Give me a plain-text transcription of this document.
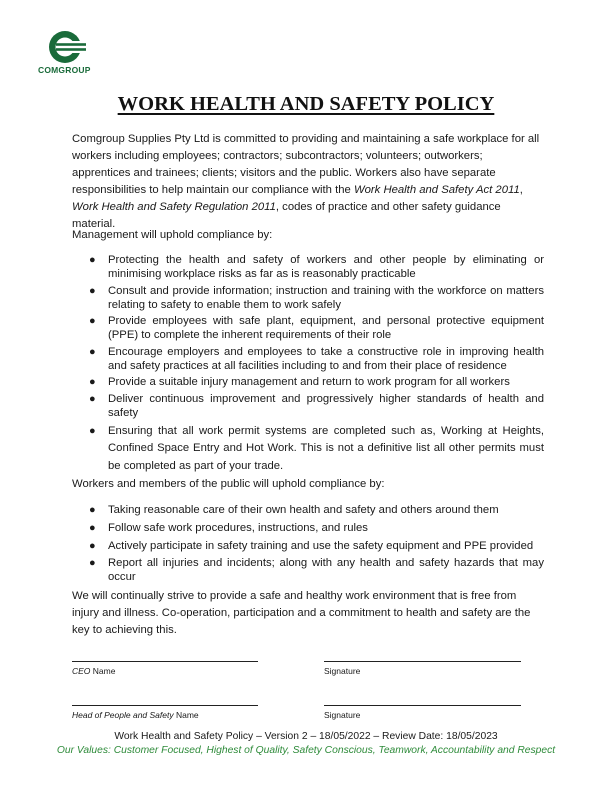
COMGROUP
WORK HEALTH AND SAFETY POLICY
Comgroup Supplies Pty Ltd is committed to providing and maintaining a safe workplace for all workers including employees; contractors; subcontractors; volunteers; outworkers; apprentices and trainees; clients; visitors and the public. Workers also have separate responsibilities to help maintain our compliance with the Work Health and Safety Act 2011, Work Health and Safety Regulation 2011, codes of practice and other safety guidance material.
Management will uphold compliance by:
● Protecting the health and safety of workers and other people by eliminating or minimising workplace risks as far as is reasonably practicable
● Consult and provide information; instruction and training with the workforce on matters relating to safety to enable them to work safely
● Provide employees with safe plant, equipment, and personal protective equipment (PPE) to complete the inherent requirements of their role
● Encourage employers and employees to take a constructive role in improving health and safety practices at all facilities including to and from their place of residence
● Provide a suitable injury management and return to work program for all workers
● Deliver continuous improvement and progressively higher standards of health and safety
● Ensuring that all work permit systems are completed such as, Working at Heights, Confined Space Entry and Hot Work. This is not a definitive list all other permits must be completed as part of your trade.
Workers and members of the public will uphold compliance by:
● Taking reasonable care of their own health and safety and others around them
● Follow safe work procedures, instructions, and rules
● Actively participate in safety training and use the safety equipment and PPE provided
● Report all injuries and incidents; along with any health and safety hazards that may occur
We will continually strive to provide a safe and healthy work environment that is free from injury and illness. Co-operation, participation and a commitment to health and safety are the key to achieving this.
CEO Name	Signature
Head of People and Safety Name	Signature
Work Health and Safety Policy – Version 2 – 18/05/2022 – Review Date: 18/05/2023
Our Values: Customer Focused, Highest of Quality, Safety Conscious, Teamwork, Accountability and Respect
